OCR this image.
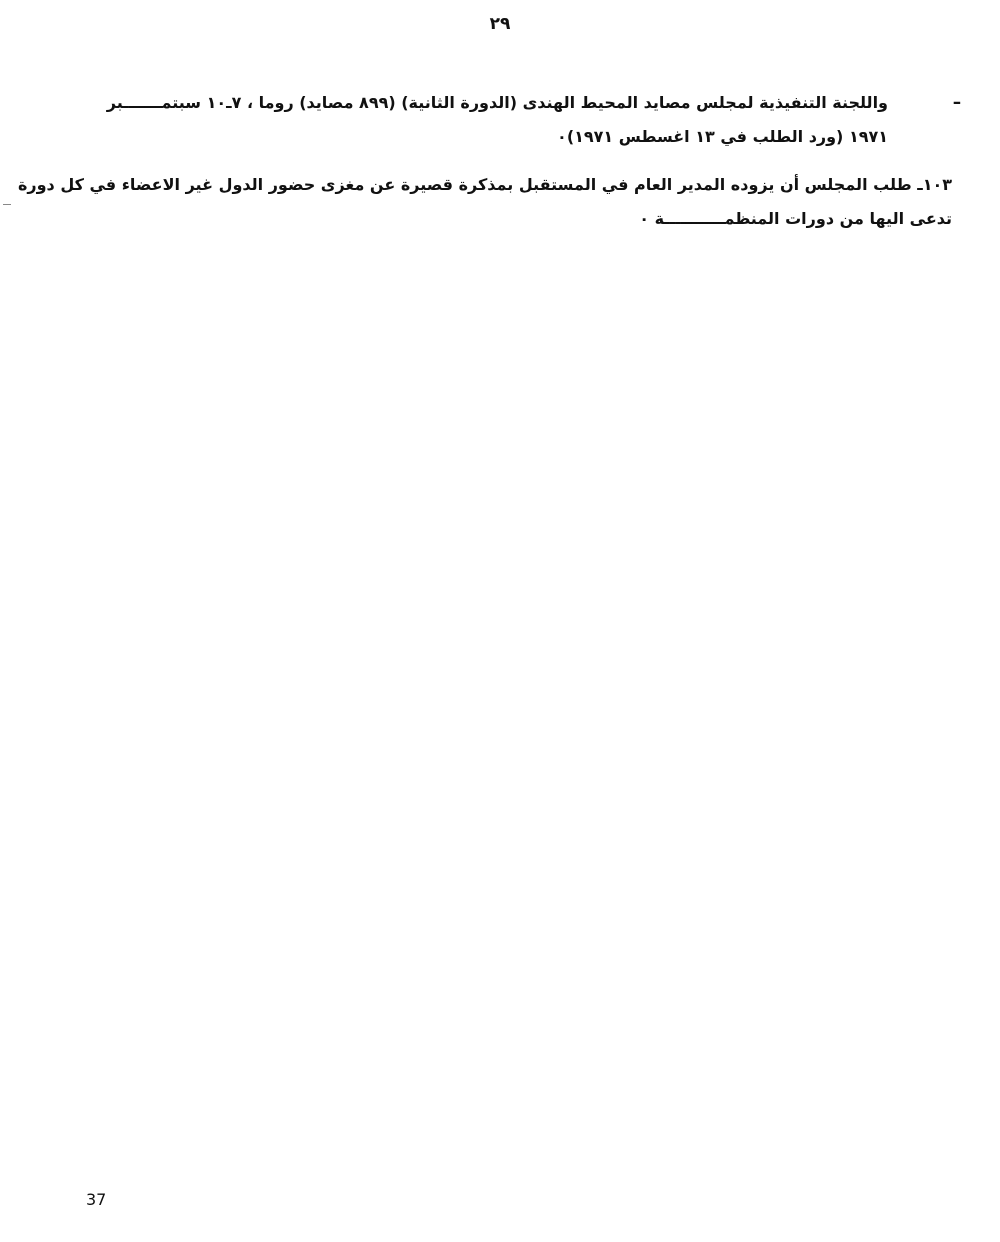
٢٩
ـ
واللجنة التنفيذية لمجلس مصايد المحيط الهندى (الدورة الثانية) (٨٩٩ مصايد) روما ، ٧ـ١٠ سبتمـــــــبر
١٩٧١ (ورد الطلب في ١٣ اغسطس ١٩٧١)٠
١٠٣ـ طلب المجلس أن يزوده المدير العام في المستقبل بمذكرة قصيرة عن مغزى حضور الدول غير الاعضاء في كل دورة
تدعى اليها من دورات المنظمـــــــــــة ٠
37
